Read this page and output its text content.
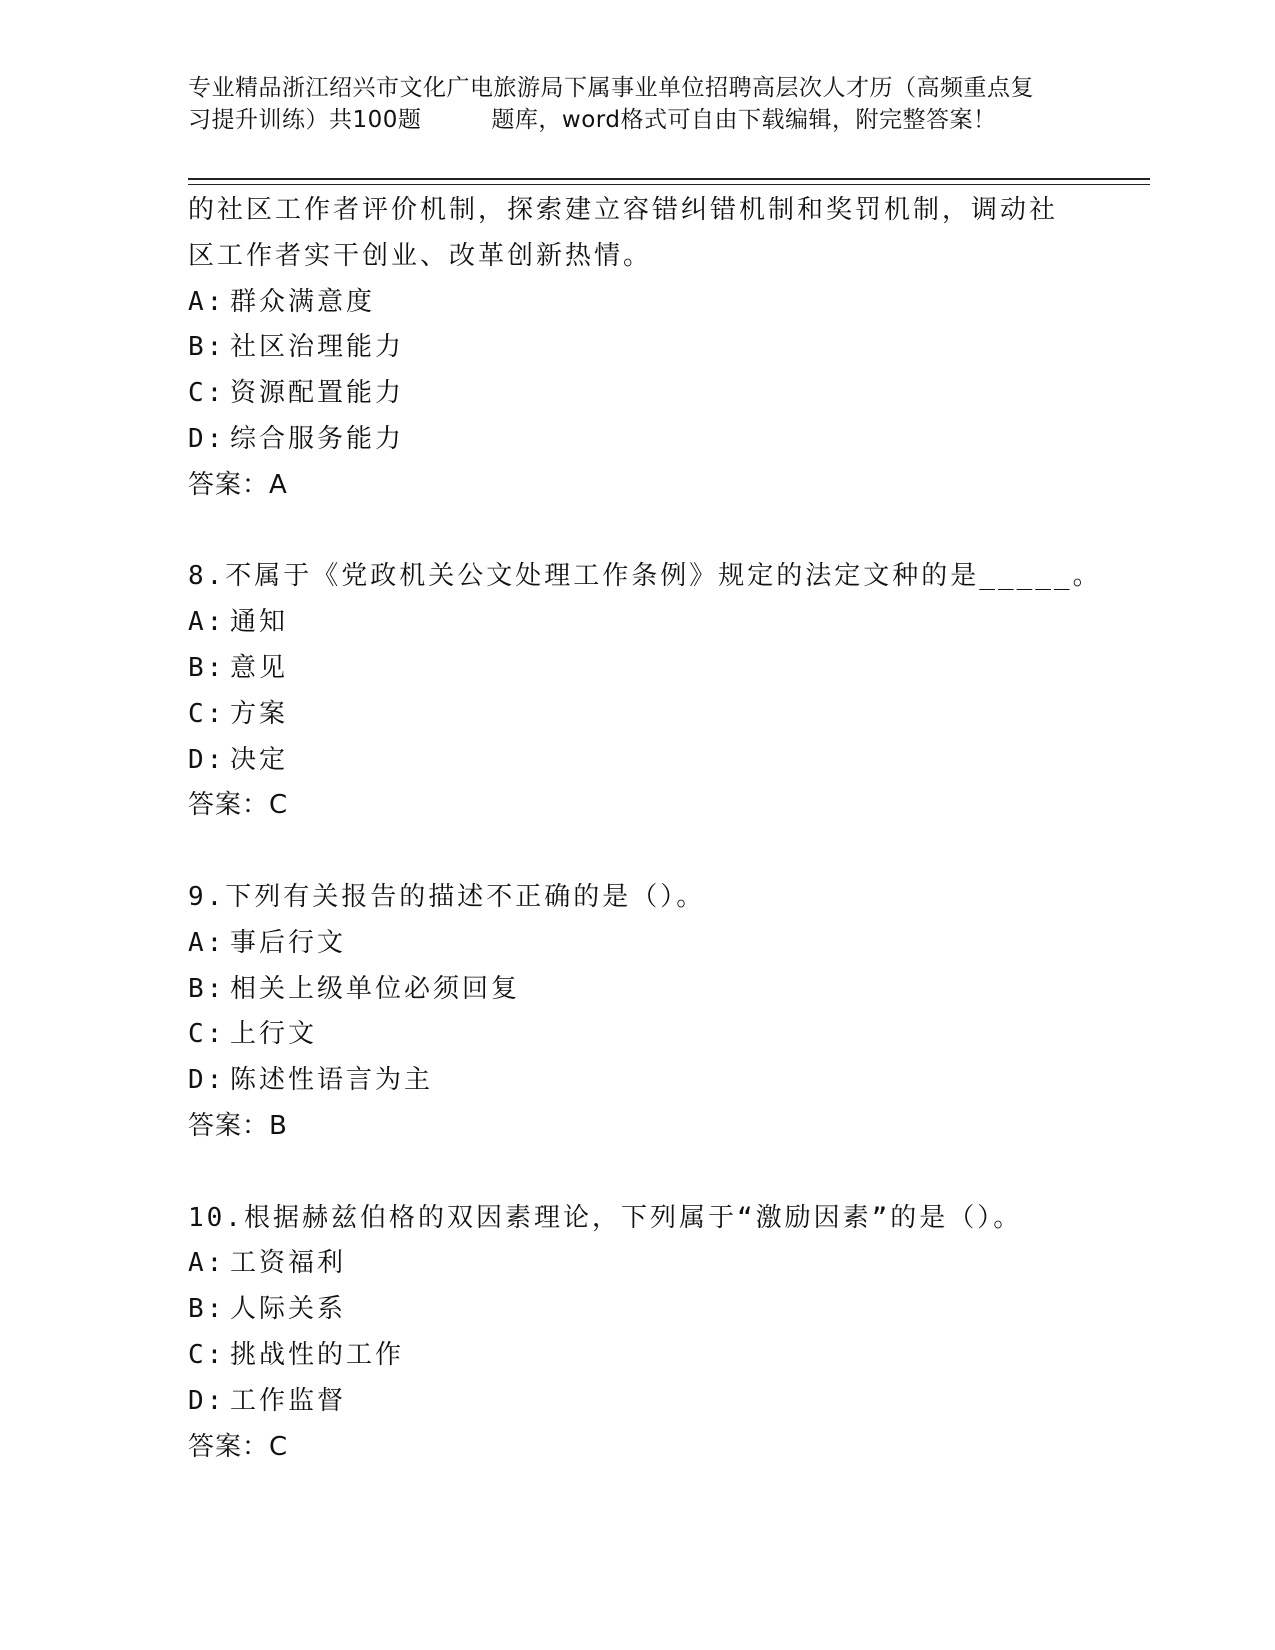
专业精品浙江绍兴市文化广电旅游局下属事业单位招聘高层次人才历（高频重点复
习提升训练）共100题	题库，word格式可自由下载编辑，附完整答案！
的社区工作者评价机制，探索建立容错纠错机制和奖罚机制，调动社
区工作者实干创业、改革创新热情。
A: 群众满意度
B: 社区治理能力
C: 资源配置能力
D: 综合服务能力
答案：A
8.不属于《党政机关公文处理工作条例》规定的法定文种的是_____。
A: 通知
B: 意见
C: 方案
D: 决定
答案：C
9.下列有关报告的描述不正确的是（）。
A: 事后行文
B: 相关上级单位必须回复
C: 上行文
D: 陈述性语言为主
答案：B
10.根据赫兹伯格的双因素理论，下列属于“激励因素”的是（）。
A: 工资福利
B: 人际关系
C: 挑战性的工作
D: 工作监督
答案：C
